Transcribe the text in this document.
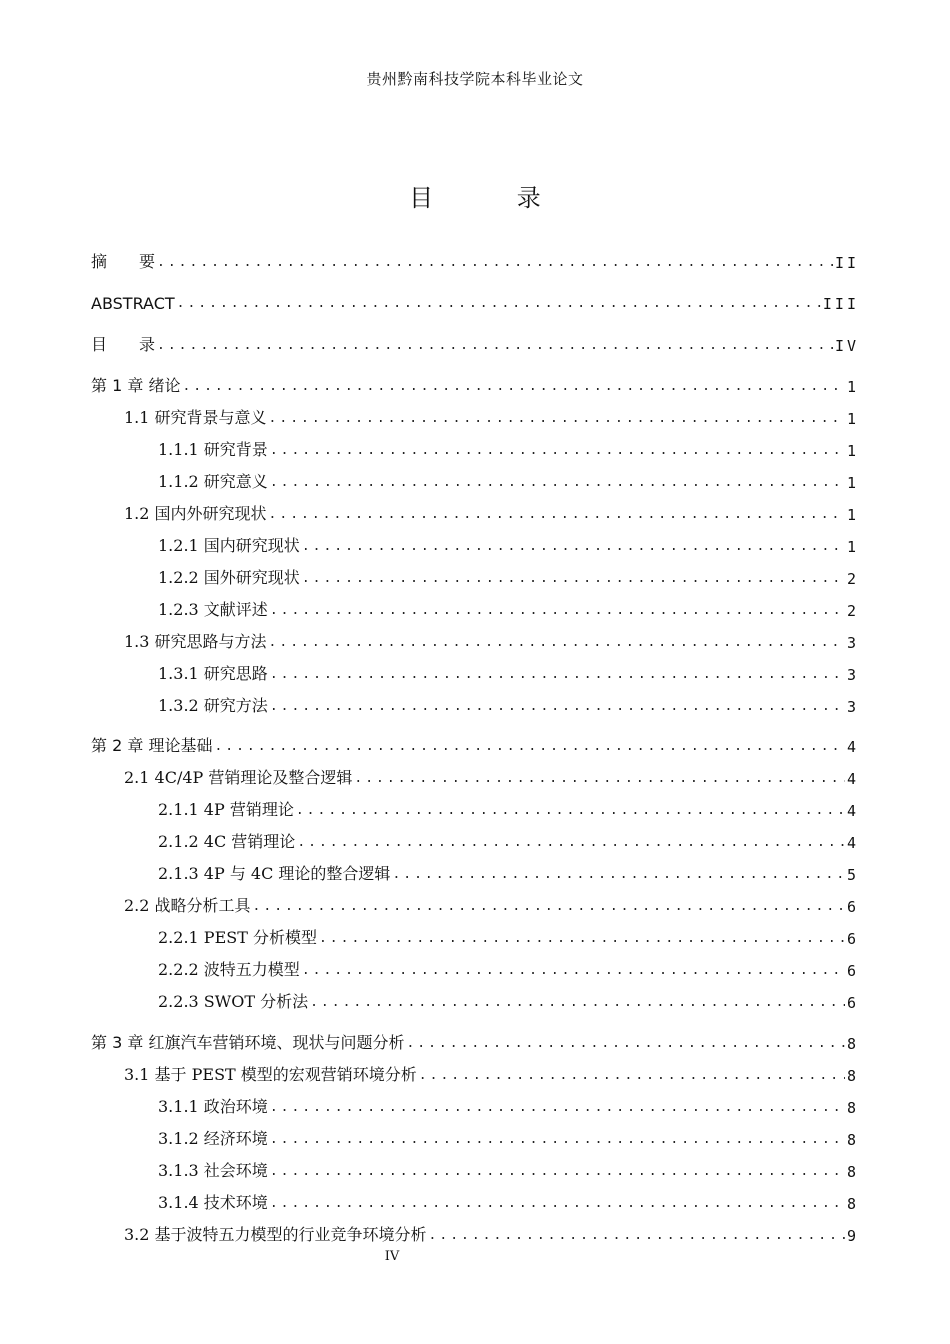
贵州黔南科技学院本科毕业论文
目 录
摘　　要 .....	II
ABSTRACT .....	III
目　　录 .....	IV
第 1 章 绪论 .....	1
1.1 研究背景与意义 .....	1
1.1.1 研究背景 .....	1
1.1.2 研究意义 .....	1
1.2 国内外研究现状 .....	1
1.2.1 国内研究现状 .....	1
1.2.2 国外研究现状 .....	2
1.2.3 文献评述 .....	2
1.3 研究思路与方法 .....	3
1.3.1 研究思路 .....	3
1.3.2 研究方法 .....	3
第 2 章 理论基础 .....	4
2.1 4C/4P 营销理论及整合逻辑 .....	4
2.1.1 4P 营销理论 .....	4
2.1.2 4C 营销理论 .....	4
2.1.3 4P 与 4C 理论的整合逻辑 .....	5
2.2 战略分析工具 .....	6
2.2.1 PEST 分析模型 .....	6
2.2.2 波特五力模型 .....	6
2.2.3 SWOT 分析法 .....	6
第 3 章 红旗汽车营销环境、现状与问题分析 .....	8
3.1 基于 PEST 模型的宏观营销环境分析 .....	8
3.1.1 政治环境 .....	8
3.1.2 经济环境 .....	8
3.1.3 社会环境 .....	8
3.1.4 技术环境 .....	8
3.2 基于波特五力模型的行业竞争环境分析 .....	9
IV
